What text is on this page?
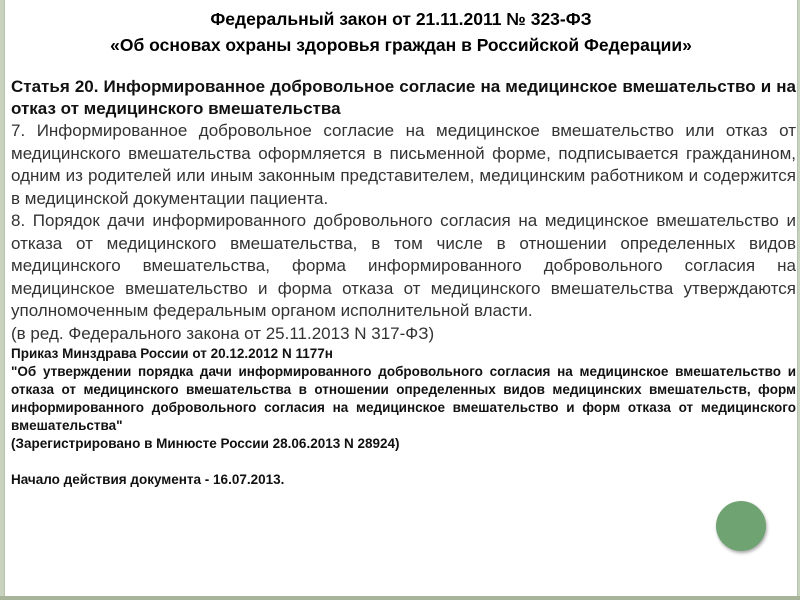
Федеральный закон от 21.11.2011 № 323-ФЗ
«Об основах охраны здоровья граждан в Российской Федерации»
Статья 20. Информированное добровольное согласие на медицинское вмешательство и на отказ от медицинского вмешательства
7. Информированное добровольное согласие на медицинское вмешательство или отказ от медицинского вмешательства оформляется в письменной форме, подписывается гражданином, одним из родителей или иным законным представителем, медицинским работником и содержится в медицинской документации пациента.
8. Порядок дачи информированного добровольного согласия на медицинское вмешательство и отказа от медицинского вмешательства, в том числе в отношении определенных видов медицинского вмешательства, форма информированного добровольного согласия на медицинское вмешательство и форма отказа от медицинского вмешательства утверждаются уполномоченным федеральным органом исполнительной власти.
(в ред. Федерального закона от 25.11.2013 N 317-ФЗ)
Приказ Минздрава России от 20.12.2012 N 1177н
"Об утверждении порядка дачи информированного добровольного согласия на медицинское вмешательство и отказа от медицинского вмешательства в отношении определенных видов медицинских вмешательств, форм информированного добровольного согласия на медицинское вмешательство и форм отказа от медицинского вмешательства"
(Зарегистрировано в Минюсте России 28.06.2013 N 28924)
Начало действия документа - 16.07.2013.
